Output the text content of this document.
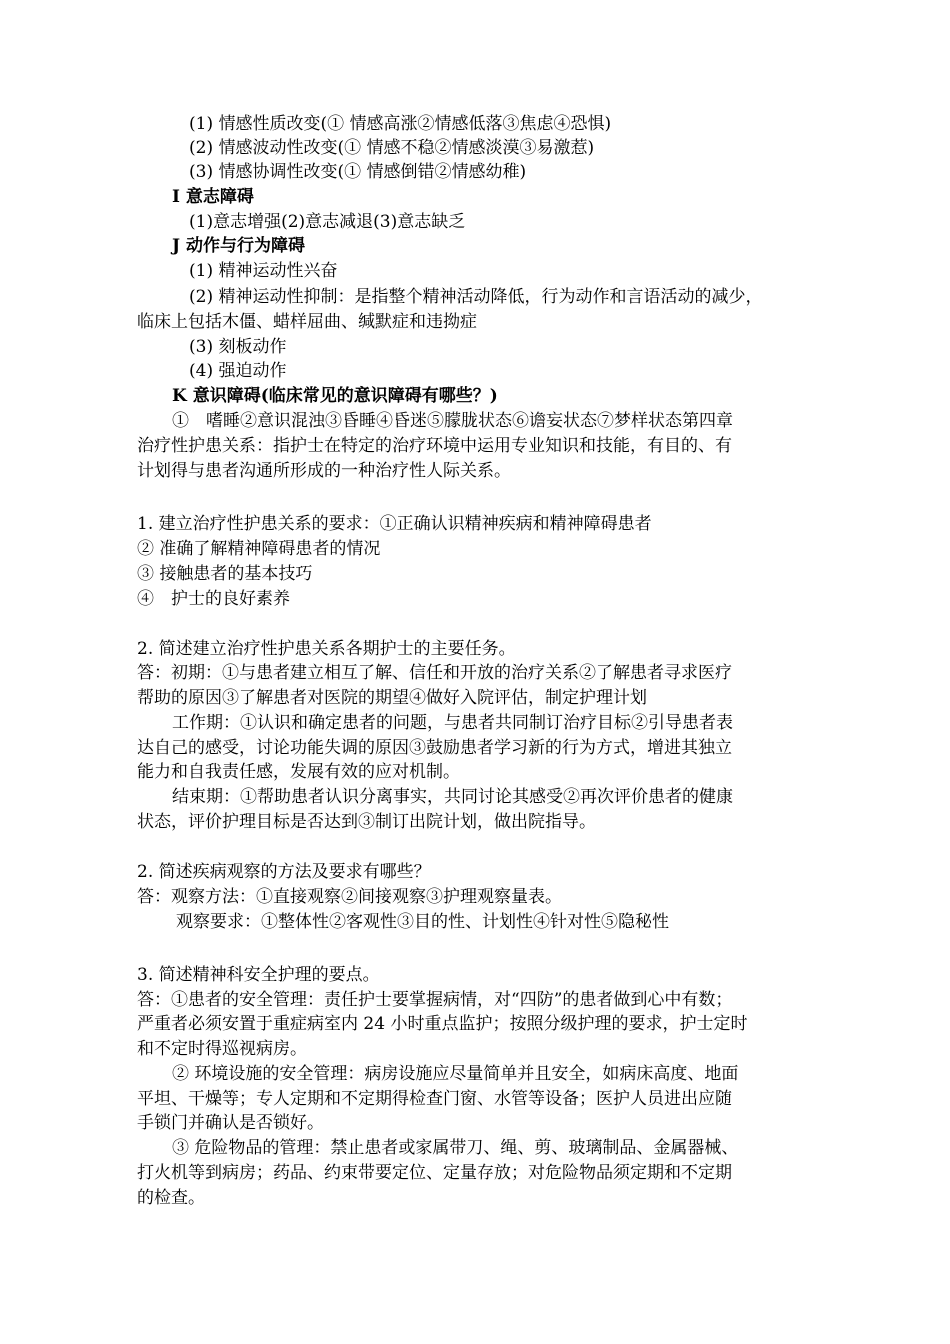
(1) 情感性质改变(① 情感高涨②情感低落③焦虑④恐惧)
(2) 情感波动性改变(① 情感不稳②情感淡漠③易激惹)
(3) 情感协调性改变(① 情感倒错②情感幼稚)
I 意志障碍
(1)意志增强(2)意志减退(3)意志缺乏
J 动作与行为障碍
(1) 精神运动性兴奋
(2) 精神运动性抑制：是指整个精神活动降低，行为动作和言语活动的减少，
临床上包括木僵、蜡样屈曲、缄默症和违拗症
(3) 刻板动作
(4) 强迫动作
K 意识障碍(临床常见的意识障碍有哪些？)
①　嗜睡②意识混浊③昏睡④昏迷⑤朦胧状态⑥谵妄状态⑦梦样状态第四章
治疗性护患关系：指护士在特定的治疗环境中运用专业知识和技能，有目的、有
计划得与患者沟通所形成的一种治疗性人际关系。
1. 建立治疗性护患关系的要求：①正确认识精神疾病和精神障碍患者
② 准确了解精神障碍患者的情况
③ 接触患者的基本技巧
④　护士的良好素养
2. 简述建立治疗性护患关系各期护士的主要任务。
答：初期：①与患者建立相互了解、信任和开放的治疗关系②了解患者寻求医疗
帮助的原因③了解患者对医院的期望④做好入院评估，制定护理计划
工作期：①认识和确定患者的问题，与患者共同制订治疗目标②引导患者表
达自己的感受，讨论功能失调的原因③鼓励患者学习新的行为方式，增进其独立
能力和自我责任感，发展有效的应对机制。
结束期：①帮助患者认识分离事实，共同讨论其感受②再次评价患者的健康
状态，评价护理目标是否达到③制订出院计划，做出院指导。
2. 简述疾病观察的方法及要求有哪些？
答：观察方法：①直接观察②间接观察③护理观察量表。
观察要求：①整体性②客观性③目的性、计划性④针对性⑤隐秘性
3. 简述精神科安全护理的要点。
答：①患者的安全管理：责任护士要掌握病情，对“四防”的患者做到心中有数；
严重者必须安置于重症病室内 24 小时重点监护；按照分级护理的要求，护士定时
和不定时得巡视病房。
② 环境设施的安全管理：病房设施应尽量简单并且安全，如病床高度、地面
平坦、干燥等；专人定期和不定期得检查门窗、水管等设备；医护人员进出应随
手锁门并确认是否锁好。
③ 危险物品的管理：禁止患者或家属带刀、绳、剪、玻璃制品、金属器械、
打火机等到病房；药品、约束带要定位、定量存放；对危险物品须定期和不定期
的检查。
